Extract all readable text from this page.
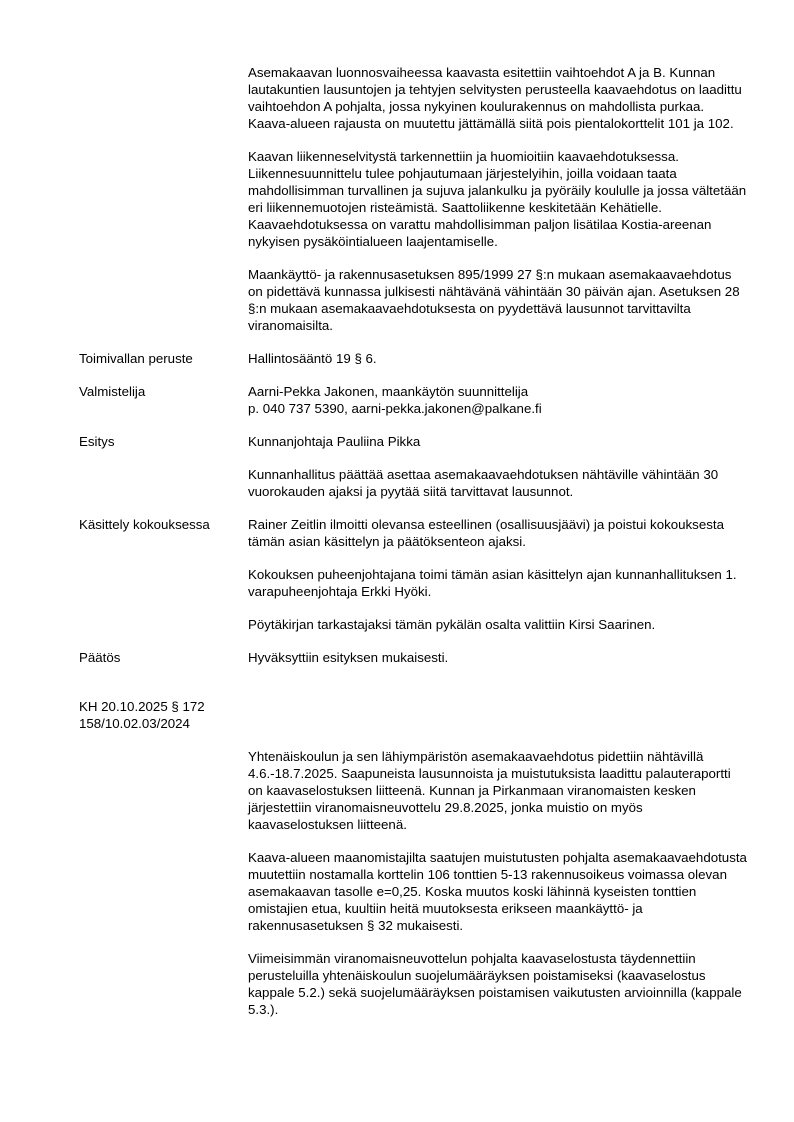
Asemakaavan luonnosvaiheessa kaavasta esitettiin vaihtoehdot A ja B. Kunnan lautakuntien lausuntojen ja tehtyjen selvitysten perusteella kaavaehdotus on laadittu vaihtoehdon A pohjalta, jossa nykyinen koulurakennus on mahdollista purkaa. Kaava-alueen rajausta on muutettu jättämällä siitä pois pientalokorttelit 101 ja 102.

Kaavan liikenneselvitystä tarkennettiin ja huomioitiin kaavaehdotuksessa. Liikennesuunnittelu tulee pohjautumaan järjestelyihin, joilla voidaan taata mahdollisimman turvallinen ja sujuva jalankulku ja pyöräily koululle ja jossa vältetään eri liikennemuotojen risteämistä. Saattoliikenne keskitetään Kehätielle. Kaavaehdotuksessa on varattu mahdollisimman paljon lisätilaa Kostia-areenan nykyisen pysäköintialueen laajentamiselle.

Maankäyttö- ja rakennusasetuksen 895/1999 27 §:n mukaan asemakaavaehdotus on pidettävä kunnassa julkisesti nähtävänä vähintään 30 päivän ajan. Asetuksen 28 §:n mukaan asemakaavaehdotuksesta on pyydettävä lausunnot tarvittavilta viranomaisilta.

Toimivallan peruste	Hallintosääntö 19 § 6.

Valmistelija	Aarni-Pekka Jakonen, maankäytön suunnittelija
p. 040 737 5390, aarni-pekka.jakonen@palkane.fi
Esitys	Kunnanjohtaja Pauliina Pikka

Kunnanhallitus päättää asettaa asemakaavaehdotuksen nähtäville vähintään 30 vuorokauden ajaksi ja pyytää siitä tarvittavat lausunnot.

Käsittely kokouksessa	Rainer Zeitlin ilmoitti olevansa esteellinen (osallisuusjäävi) ja poistui kokouksesta tämän asian käsittelyn ja päätöksenteon ajaksi.

Kokouksen puheenjohtajana toimi tämän asian käsittelyn ajan kunnanhallituksen 1. varapuheenjohtaja Erkki Hyöki.

Pöytäkirjan tarkastajaksi tämän pykälän osalta valittiin Kirsi Saarinen.

Päätös	Hyväksyttiin esityksen mukaisesti.

KH 20.10.2025 § 172
158/10.02.03/2024

Yhtenäiskoulun ja sen lähiympäristön asemakaavaehdotus pidettiin nähtävillä 4.6.-18.7.2025. Saapuneista lausunnoista ja muistutuksista laadittu palauteraportti on kaavaselostuksen liitteenä. Kunnan ja Pirkanmaan viranomaisten kesken järjestettiin viranomaisneuvottelu 29.8.2025, jonka muistio on myös kaavaselostuksen liitteenä.

Kaava-alueen maanomistajilta saatujen muistutusten pohjalta asemakaavaehdotusta muutettiin nostamalla korttelin 106 tonttien 5-13 rakennusoikeus voimassa olevan asemakaavan tasolle e=0,25. Koska muutos koski lähinnä kyseisten tonttien omistajien etua, kuultiin heitä muutoksesta erikseen maankäyttö- ja rakennusasetuksen § 32 mukaisesti.

Viimeisimmän viranomaisneuvottelun pohjalta kaavaselostusta täydennettiin perusteluilla yhtenäiskoulun suojelumääräyksen poistamiseksi (kaavaselostus kappale 5.2.) sekä suojelumääräyksen poistamisen vaikutusten arvioinnilla (kappale 5.3.).
